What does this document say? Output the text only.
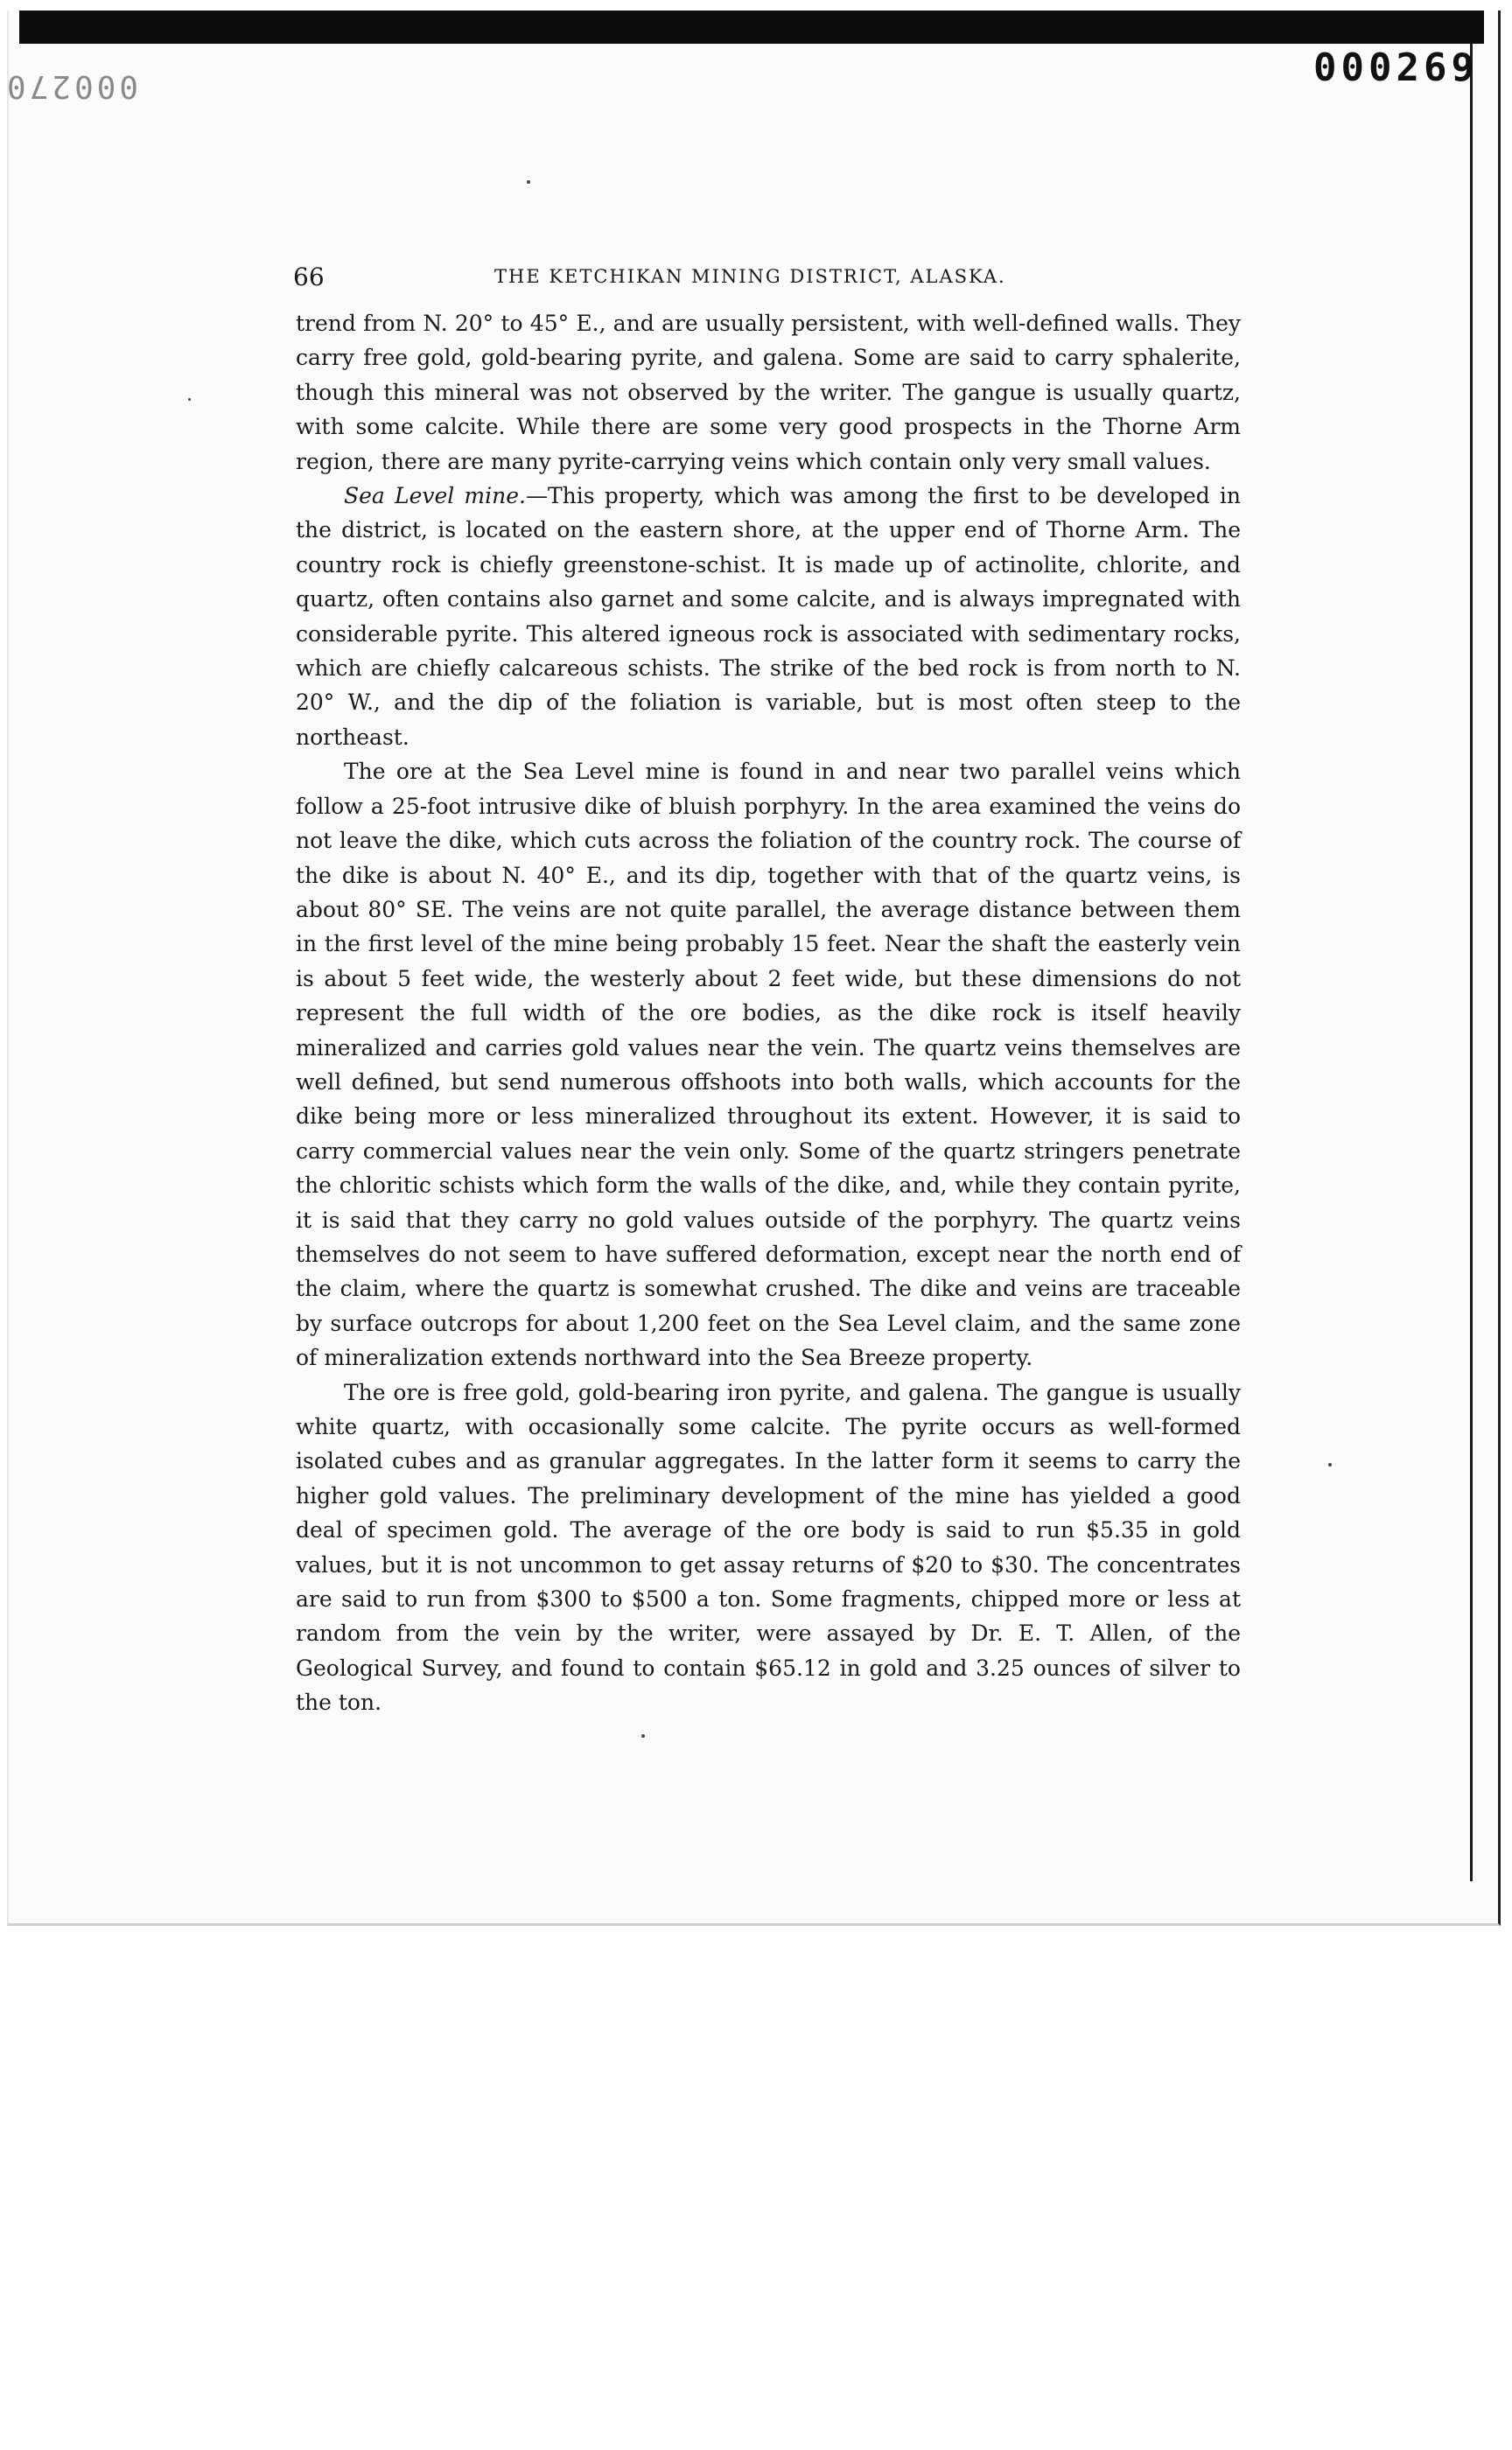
000269
000270
66	THE KETCHIKAN MINING DISTRICT, ALASKA.

trend from N. 20° to 45° E., and are usually persistent, with well-defined walls. They carry free gold, gold-bearing pyrite, and galena. Some are said to carry sphalerite, though this mineral was not observed by the writer. The gangue is usually quartz, with some calcite. While there are some very good prospects in the Thorne Arm region, there are many pyrite-carrying veins which contain only very small values.

Sea Level mine.—This property, which was among the first to be developed in the district, is located on the eastern shore, at the upper end of Thorne Arm. The country rock is chiefly greenstone-schist. It is made up of actinolite, chlorite, and quartz, often contains also garnet and some calcite, and is always impregnated with considerable pyrite. This altered igneous rock is associated with sedimentary rocks, which are chiefly calcareous schists. The strike of the bed rock is from north to N. 20° W., and the dip of the foliation is variable, but is most often steep to the northeast.

The ore at the Sea Level mine is found in and near two parallel veins which follow a 25-foot intrusive dike of bluish porphyry. In the area examined the veins do not leave the dike, which cuts across the foliation of the country rock. The course of the dike is about N. 40° E., and its dip, together with that of the quartz veins, is about 80° SE. The veins are not quite parallel, the average distance between them in the first level of the mine being probably 15 feet. Near the shaft the easterly vein is about 5 feet wide, the westerly about 2 feet wide, but these dimensions do not represent the full width of the ore bodies, as the dike rock is itself heavily mineralized and carries gold values near the vein. The quartz veins themselves are well defined, but send numerous offshoots into both walls, which accounts for the dike being more or less mineralized throughout its extent. However, it is said to carry commercial values near the vein only. Some of the quartz stringers penetrate the chloritic schists which form the walls of the dike, and, while they contain pyrite, it is said that they carry no gold values outside of the porphyry. The quartz veins themselves do not seem to have suffered deformation, except near the north end of the claim, where the quartz is somewhat crushed. The dike and veins are traceable by surface outcrops for about 1,200 feet on the Sea Level claim, and the same zone of mineralization extends northward into the Sea Breeze property.

The ore is free gold, gold-bearing iron pyrite, and galena. The gangue is usually white quartz, with occasionally some calcite. The pyrite occurs as well-formed isolated cubes and as granular aggregates. In the latter form it seems to carry the higher gold values. The preliminary development of the mine has yielded a good deal of specimen gold. The average of the ore body is said to run $5.35 in gold values, but it is not uncommon to get assay returns of $20 to $30. The concentrates are said to run from $300 to $500 a ton. Some fragments, chipped more or less at random from the vein by the writer, were assayed by Dr. E. T. Allen, of the Geological Survey, and found to contain $65.12 in gold and 3.25 ounces of silver to the ton.
